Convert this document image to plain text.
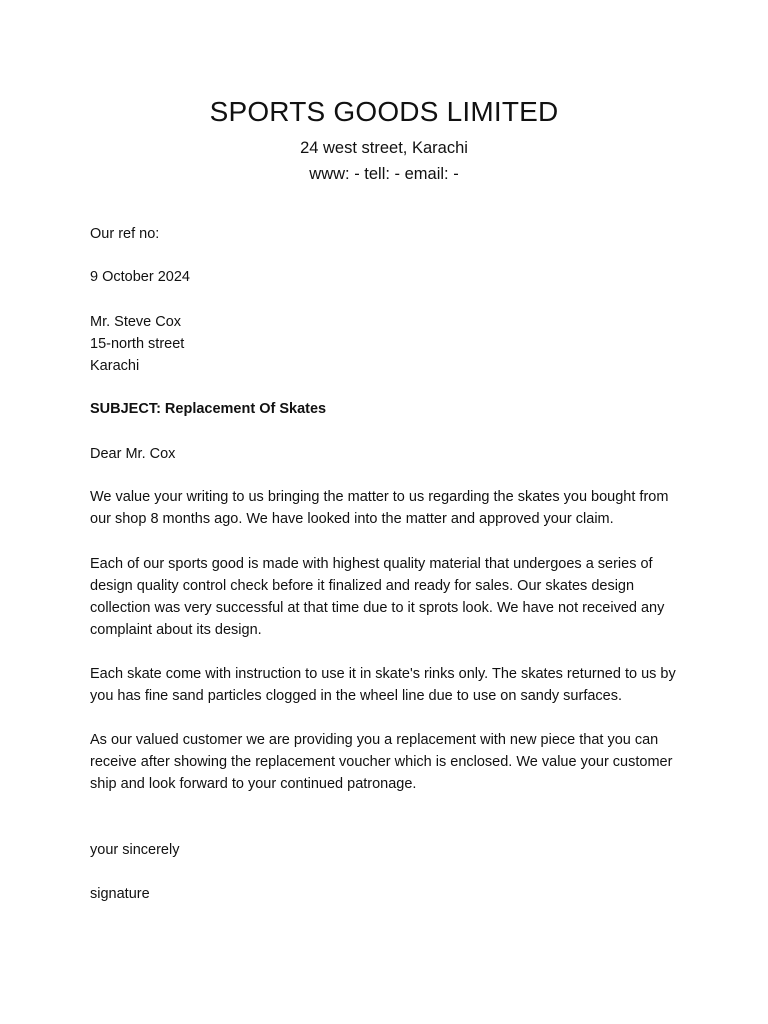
SPORTS GOODS LIMITED
24 west street, Karachi
www: - tell: - email: -
Our ref no:
9 October 2024
Mr. Steve Cox
15-north street
Karachi
SUBJECT: Replacement Of Skates
Dear Mr. Cox

We value your writing to us bringing the matter to us regarding the skates you bought from our shop 8 months ago. We have looked into the matter and approved your claim.

Each of our sports good is made with highest quality material that undergoes a series of design quality control check before it finalized and ready for sales. Our skates design collection was very successful at that time due to it sprots look. We have not received any complaint about its design.

Each skate come with instruction to use it in skate's rinks only. The skates returned to us by you has fine sand particles clogged in the wheel line due to use on sandy surfaces.

As our valued customer we are providing you a replacement with new piece that you can receive after showing the replacement voucher which is enclosed. We value your customer ship and look forward to your continued patronage.

your sincerely
signature
